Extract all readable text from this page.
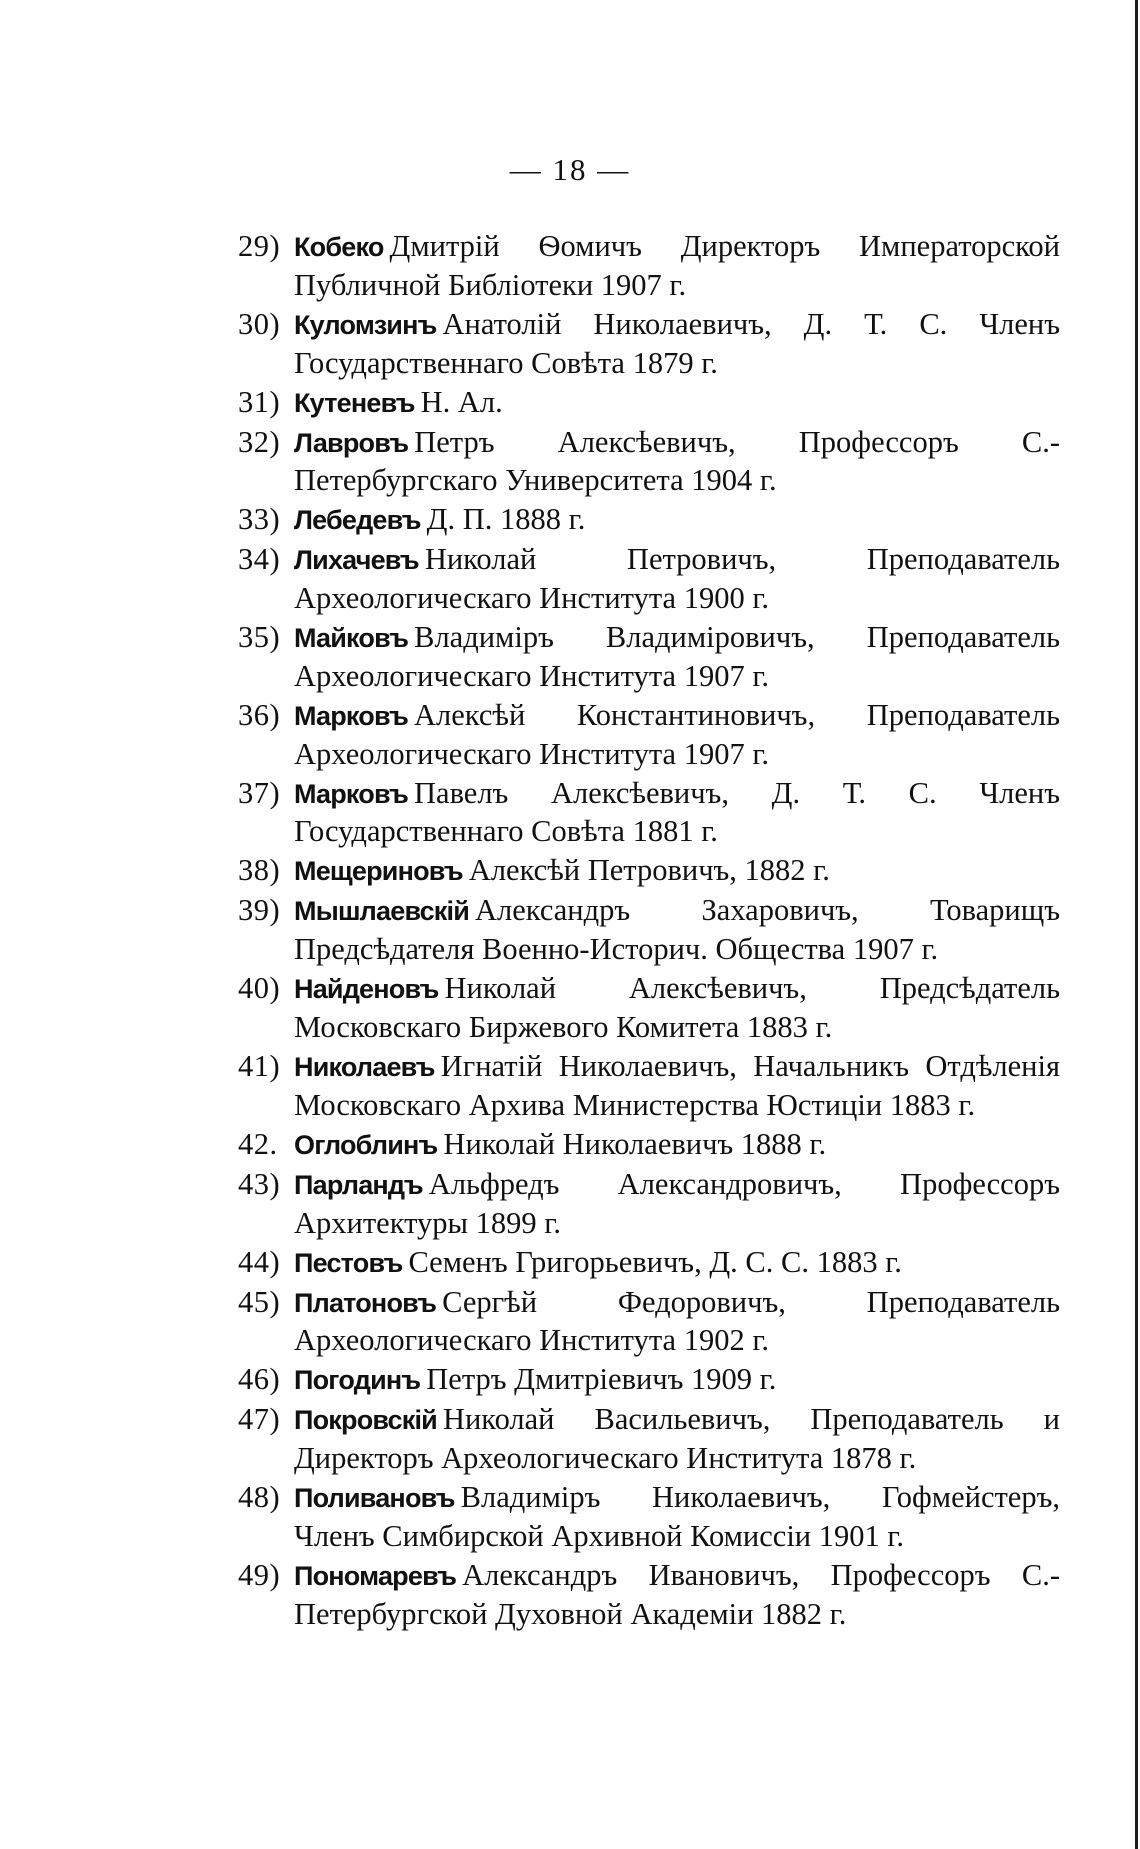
— 18 —
29) Кобеко Дмитрій Ѳомичъ Директоръ Императорской Публичной Библіотеки 1907 г.
30) Куломзинъ Анатолій Николаевичъ, Д. Т. С. Членъ Государственнаго Совѣта 1879 г.
31) Кутеневъ Н. Ал.
32) Лавровъ Петръ Алексѣевичъ, Профессоръ С.-Петербургскаго Университета 1904 г.
33) Лебедевъ Д. П. 1888 г.
34) Лихачевъ Николай Петровичъ, Преподаватель Археологическаго Института 1900 г.
35) Майковъ Владиміръ Владиміровичъ, Преподаватель Археологическаго Института 1907 г.
36) Марковъ Алексѣй Константиновичъ, Преподаватель Археологическаго Института 1907 г.
37) Марковъ Павелъ Алексѣевичъ, Д. Т. С. Членъ Государственнаго Совѣта 1881 г.
38) Мещериновъ Алексѣй Петровичъ, 1882 г.
39) Мышлаевскій Александръ Захаровичъ, Товарищъ Предсѣдателя Военно-Историч. Общества 1907 г.
40) Найденовъ Николай Алексѣевичъ, Предсѣдатель Московскаго Биржевого Комитета 1883 г.
41) Николаевъ Игнатій Николаевичъ, Начальникъ Отдѣленія Московскаго Архива Министерства Юстиціи 1883 г.
42. Оглоблинъ Николай Николаевичъ 1888 г.
43) Парландъ Альфредъ Александровичъ, Профессоръ Архитектуры 1899 г.
44) Пестовъ Семенъ Григорьевичъ, Д. С. С. 1883 г.
45) Платоновъ Сергѣй Федоровичъ, Преподаватель Археологическаго Института 1902 г.
46) Погодинъ Петръ Дмитріевичъ 1909 г.
47) Покровскій Николай Васильевичъ, Преподаватель и Директоръ Археологическаго Института 1878 г.
48) Поливановъ Владиміръ Николаевичъ, Гофмейстеръ, Членъ Симбирской Архивной Комиссіи 1901 г.
49) Пономаревъ Александръ Ивановичъ, Профессоръ С.-Петербургской Духовной Академіи 1882 г.
